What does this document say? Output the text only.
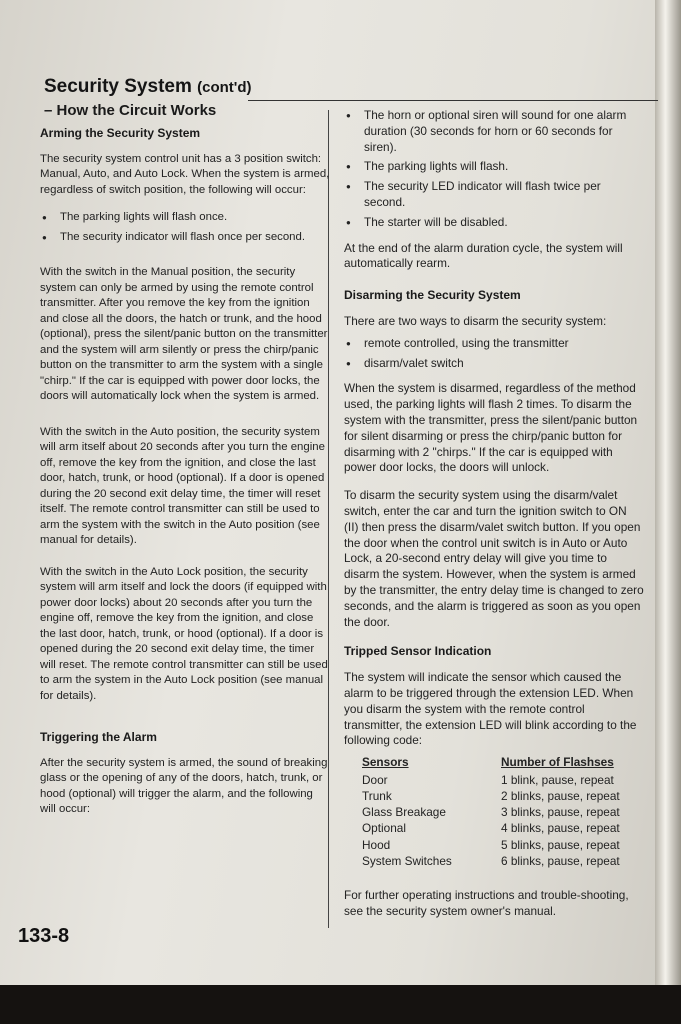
Security System (cont'd)
– How the Circuit Works
Arming the Security System

The security system control unit has a 3 position switch: Manual, Auto, and Auto Lock. When the system is armed, regardless of switch position, the following will occur:

● The parking lights will flash once.
● The security indicator will flash once per second.

With the switch in the Manual position, the security system can only be armed by using the remote control transmitter. After you remove the key from the ignition and close all the doors, the hatch or trunk, and the hood (optional), press the silent/panic button on the transmitter and the system will arm silently or press the chirp/panic button on the transmitter to arm the system with a single "chirp." If the car is equipped with power door locks, the doors will automatically lock when the system is armed.

With the switch in the Auto position, the security system will arm itself about 20 seconds after you turn the engine off, remove the key from the ignition, and close the last door, hatch, trunk, or hood (optional). If a door is opened during the 20 second exit delay time, the timer will reset itself. The remote control transmitter can still be used to arm the system with the switch in the Auto position (see manual for details).

With the switch in the Auto Lock position, the security system will arm itself and lock the doors (if equipped with power door locks) about 20 seconds after you turn the engine off, remove the key from the ignition, and close the last door, hatch, trunk, or hood (optional). If a door is opened during the 20 second exit delay time, the timer will reset. The remote control transmitter can still be used to arm the system in the Auto Lock position (see manual for details).

Triggering the Alarm

After the security system is armed, the sound of breaking glass or the opening of any of the doors, hatch, trunk, or hood (optional) will trigger the alarm, and the following will occur:

● The horn or optional siren will sound for one alarm duration (30 seconds for horn or 60 seconds for siren).
● The parking lights will flash.
● The security LED indicator will flash twice per second.
● The starter will be disabled.

At the end of the alarm duration cycle, the system will automatically rearm.

Disarming the Security System

There are two ways to disarm the security system:

● remote controlled, using the transmitter
● disarm/valet switch

When the system is disarmed, regardless of the method used, the parking lights will flash 2 times. To disarm the system with the transmitter, press the silent/panic button for silent disarming or press the chirp/panic button for disarming with 2 "chirps." If the car is equipped with power door locks, the doors will unlock.

To disarm the security system using the disarm/valet switch, enter the car and turn the ignition switch to ON (II) then press the disarm/valet switch button. If you open the door when the control unit switch is in Auto or Auto Lock, a 20-second entry delay will give you time to disarm the system. However, when the system is armed by the transmitter, the entry delay time is changed to zero seconds, and the alarm is triggered as soon as you open the door.

Tripped Sensor Indication

The system will indicate the sensor which caused the alarm to be triggered through the extension LED. When you disarm the system with the remote control transmitter, the extension LED will blink according to the following code:

Sensors
Door
Trunk
Glass Breakage
Optional
Hood
System Switches
Number of Flashses
1 blink, pause, repeat
2 blinks, pause, repeat
3 blinks, pause, repeat
4 blinks, pause, repeat
5 blinks, pause, repeat
6 blinks, pause, repeat

For further operating instructions and trouble-shooting, see the security system owner's manual.

133-8
